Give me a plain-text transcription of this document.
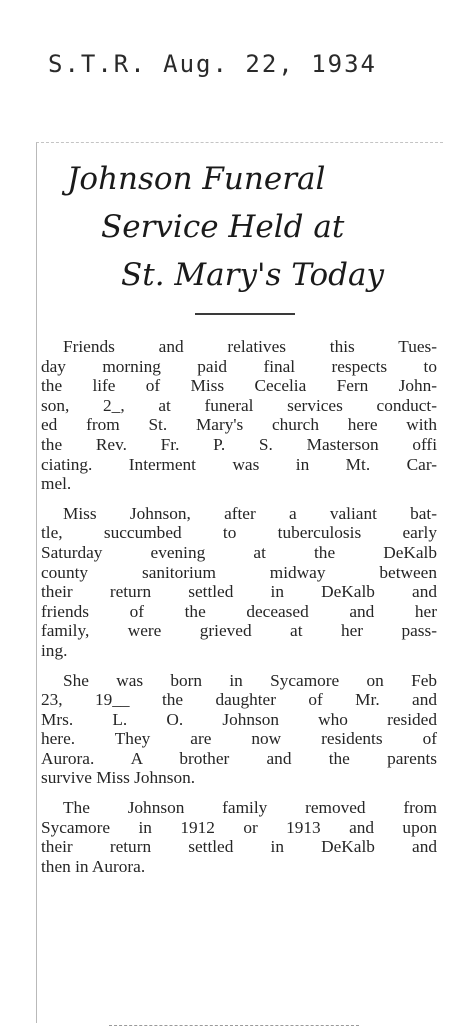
S.T.R. Aug. 22, 1934
Johnson Funeral
Service Held at
St. Mary's Today
Friends and relatives this Tues-
day morning paid final respects to
the life of Miss Cecelia Fern John-
son, 2_, at funeral services conduct-
ed from St. Mary's church here with
the Rev. Fr. P. S. Masterson offi
ciating. Interment was in Mt. Car-
mel.
Miss Johnson, after a valiant bat-
tle, succumbed to tuberculosis early
Saturday evening at the DeKalb
county sanitorium midway between
their return settled in DeKalb and
friends of the deceased and her
family, were grieved at her pass-
ing.
She was born in Sycamore on Feb
23, 19__ the daughter of Mr. and
Mrs. L. O. Johnson who resided
here. They are now residents of
Aurora. A brother and the parents
survive Miss Johnson.
The Johnson family removed from
Sycamore in 1912 or 1913 and upon
their return settled in DeKalb and
then in Aurora.
